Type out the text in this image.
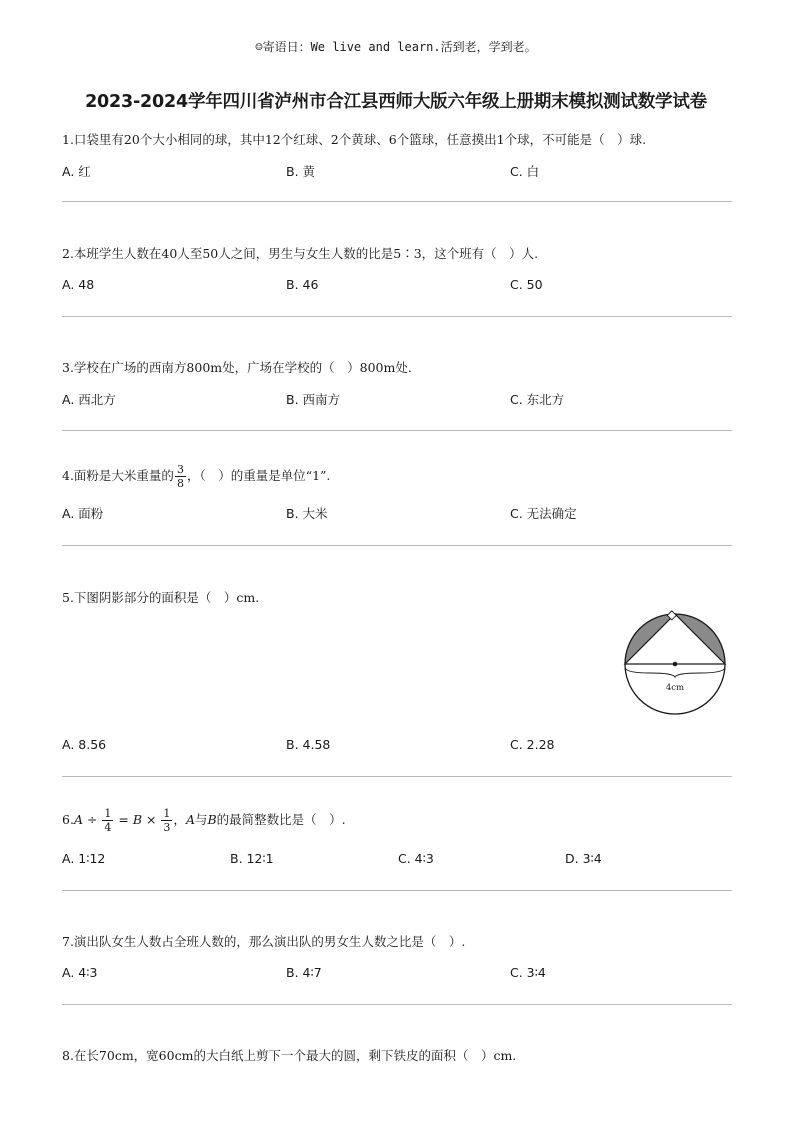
☺寄语日：We live and learn.活到老，学到老。
2023-2024学年四川省泸州市合江县西师大版六年级上册期末模拟测试数学试卷
1.口袋里有20个大小相同的球，其中12个红球、2个黄球、6个篮球，任意摸出1个球，不可能是（　）球.
A. 红	B. 黄	C. 白
2.本班学生人数在40人至50人之间，男生与女生人数的比是5∶3，这个班有（　）人.
A. 48	B. 46	C. 50
3.学校在广场的西南方800m处，广场在学校的（　）800m处.
A. 西北方	B. 西南方	C. 东北方
4.面粉是大米重量的 $\frac{3}{8}$ ，（　）的重量是单位“1”.
A. 面粉	B. 大米	C. 无法确定
5.下图阴影部分的面积是（　）cm.
4cm
A. 8.56	B. 4.58	C. 2.28
$6.A \div \frac{1}{4} = B \times \frac{1}{3}$ ，A与B的最简整数比是（　）.
A. 1∶12	B. 12∶1	C. 4∶3	D. 3∶4
7.演出队女生人数占全班人数的，那么演出队的男女生人数之比是（　）.
A. 4∶3	B. 4∶7	C. 3∶4
8.在长70cm，宽60cm的大白纸上剪下一个最大的圆，剩下铁皮的面积（　）cm.
